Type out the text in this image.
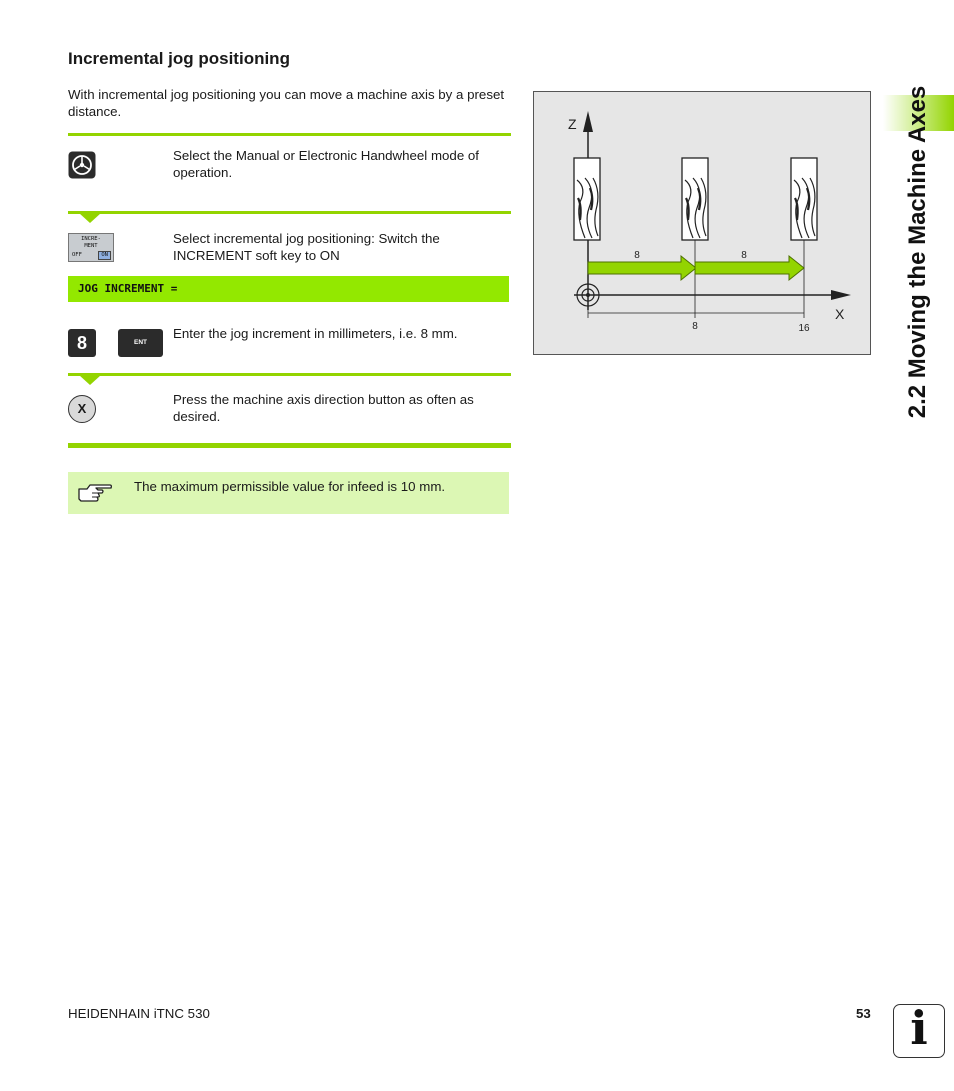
Incremental jog positioning
With incremental jog positioning you can move a machine axis by a preset distance.
Select the Manual or Electronic Handwheel mode of operation.
INCRE-
MENT
OFF	ON
Select incremental jog positioning: Switch the INCREMENT soft key to ON
JOG INCREMENT =
8	ENT
Enter the jog increment in millimeters, i.e. 8 mm.
X
Press the machine axis direction button as often as desired.
The maximum permissible value for infeed is 10 mm.
Z
X
8	8
8	16	2.2 Moving the Machine Axes
HEIDENHAIN iTNC 530	53 i
